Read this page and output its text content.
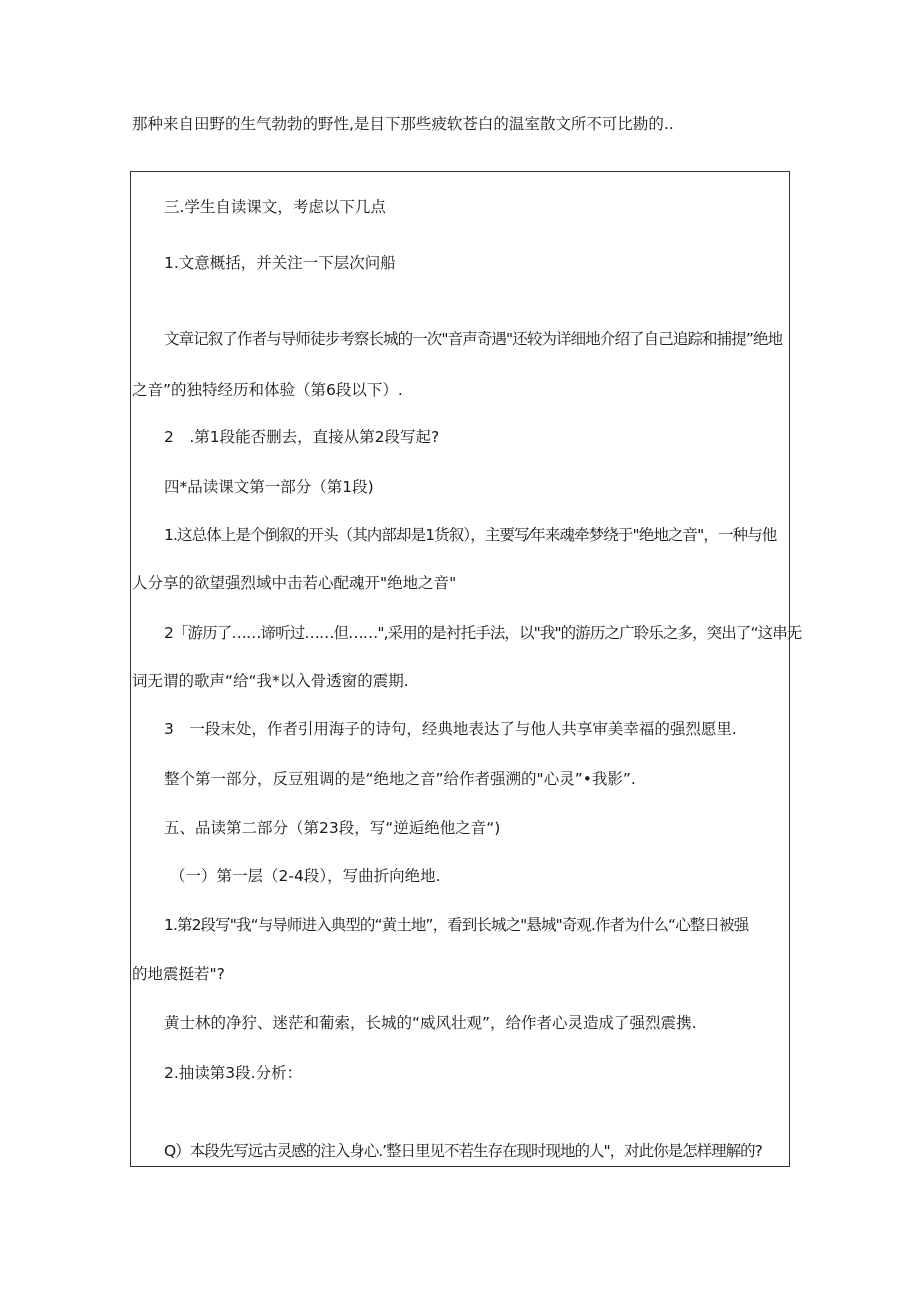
那种来自田野的生气勃勃的野性,是目下那些疲软苍白的温室散文所不可比勘的..
三.学生自读课文，考虑以下几点
1.文意概括，并关注一下层次问船
文章记叙了作者与导师徒步考察长城的一次"音声奇遇"还较为详细地介绍了自己追踪和捕提”绝地
之音”的独特经历和体验（第6段以下）.
2　.第1段能否删去，直接从第2段写起?
四*品读课文第一部分（第1段)
1.这总体上是个倒叙的开头（其内部却是1货叙），主要写⁄年来魂牵梦绕于"绝地之音"，一种与他
人分享的欲望强烈域中击若心配魂开"绝地之音"
2「游历了……谛听过……但……",采用的是衬托手法，以"我"的游历之广聆乐之多，突出了“这串无
词无谓的歌声“给“我*以入骨透窗的震期.
3　一段末处，作者引用海子的诗句，经典地表达了与他人共享审美幸福的强烈愿里.
整个第一部分，反豆殂调的是“绝地之音”给作者强溯的"心灵”•我影”.
五、品读第二部分（第23段，写“逆逅绝他之音“)
（一）第一层（2-4段），写曲折向绝地.
1.第2段写"我“与导师进入典型的“黄土地”，看到长城之"悬城"奇观.作者为什么“心整日被强
的地震挺若"?
黄士林的净狞、迷茫和葡索，长城的“威风壮观”，给作者心灵造成了强烈震携.
2.抽读第3段.分析：
Q）本段先写远古灵感的注入身心.’整日里见不若生存在现时现地的人"，对此你是怎样理解的?
